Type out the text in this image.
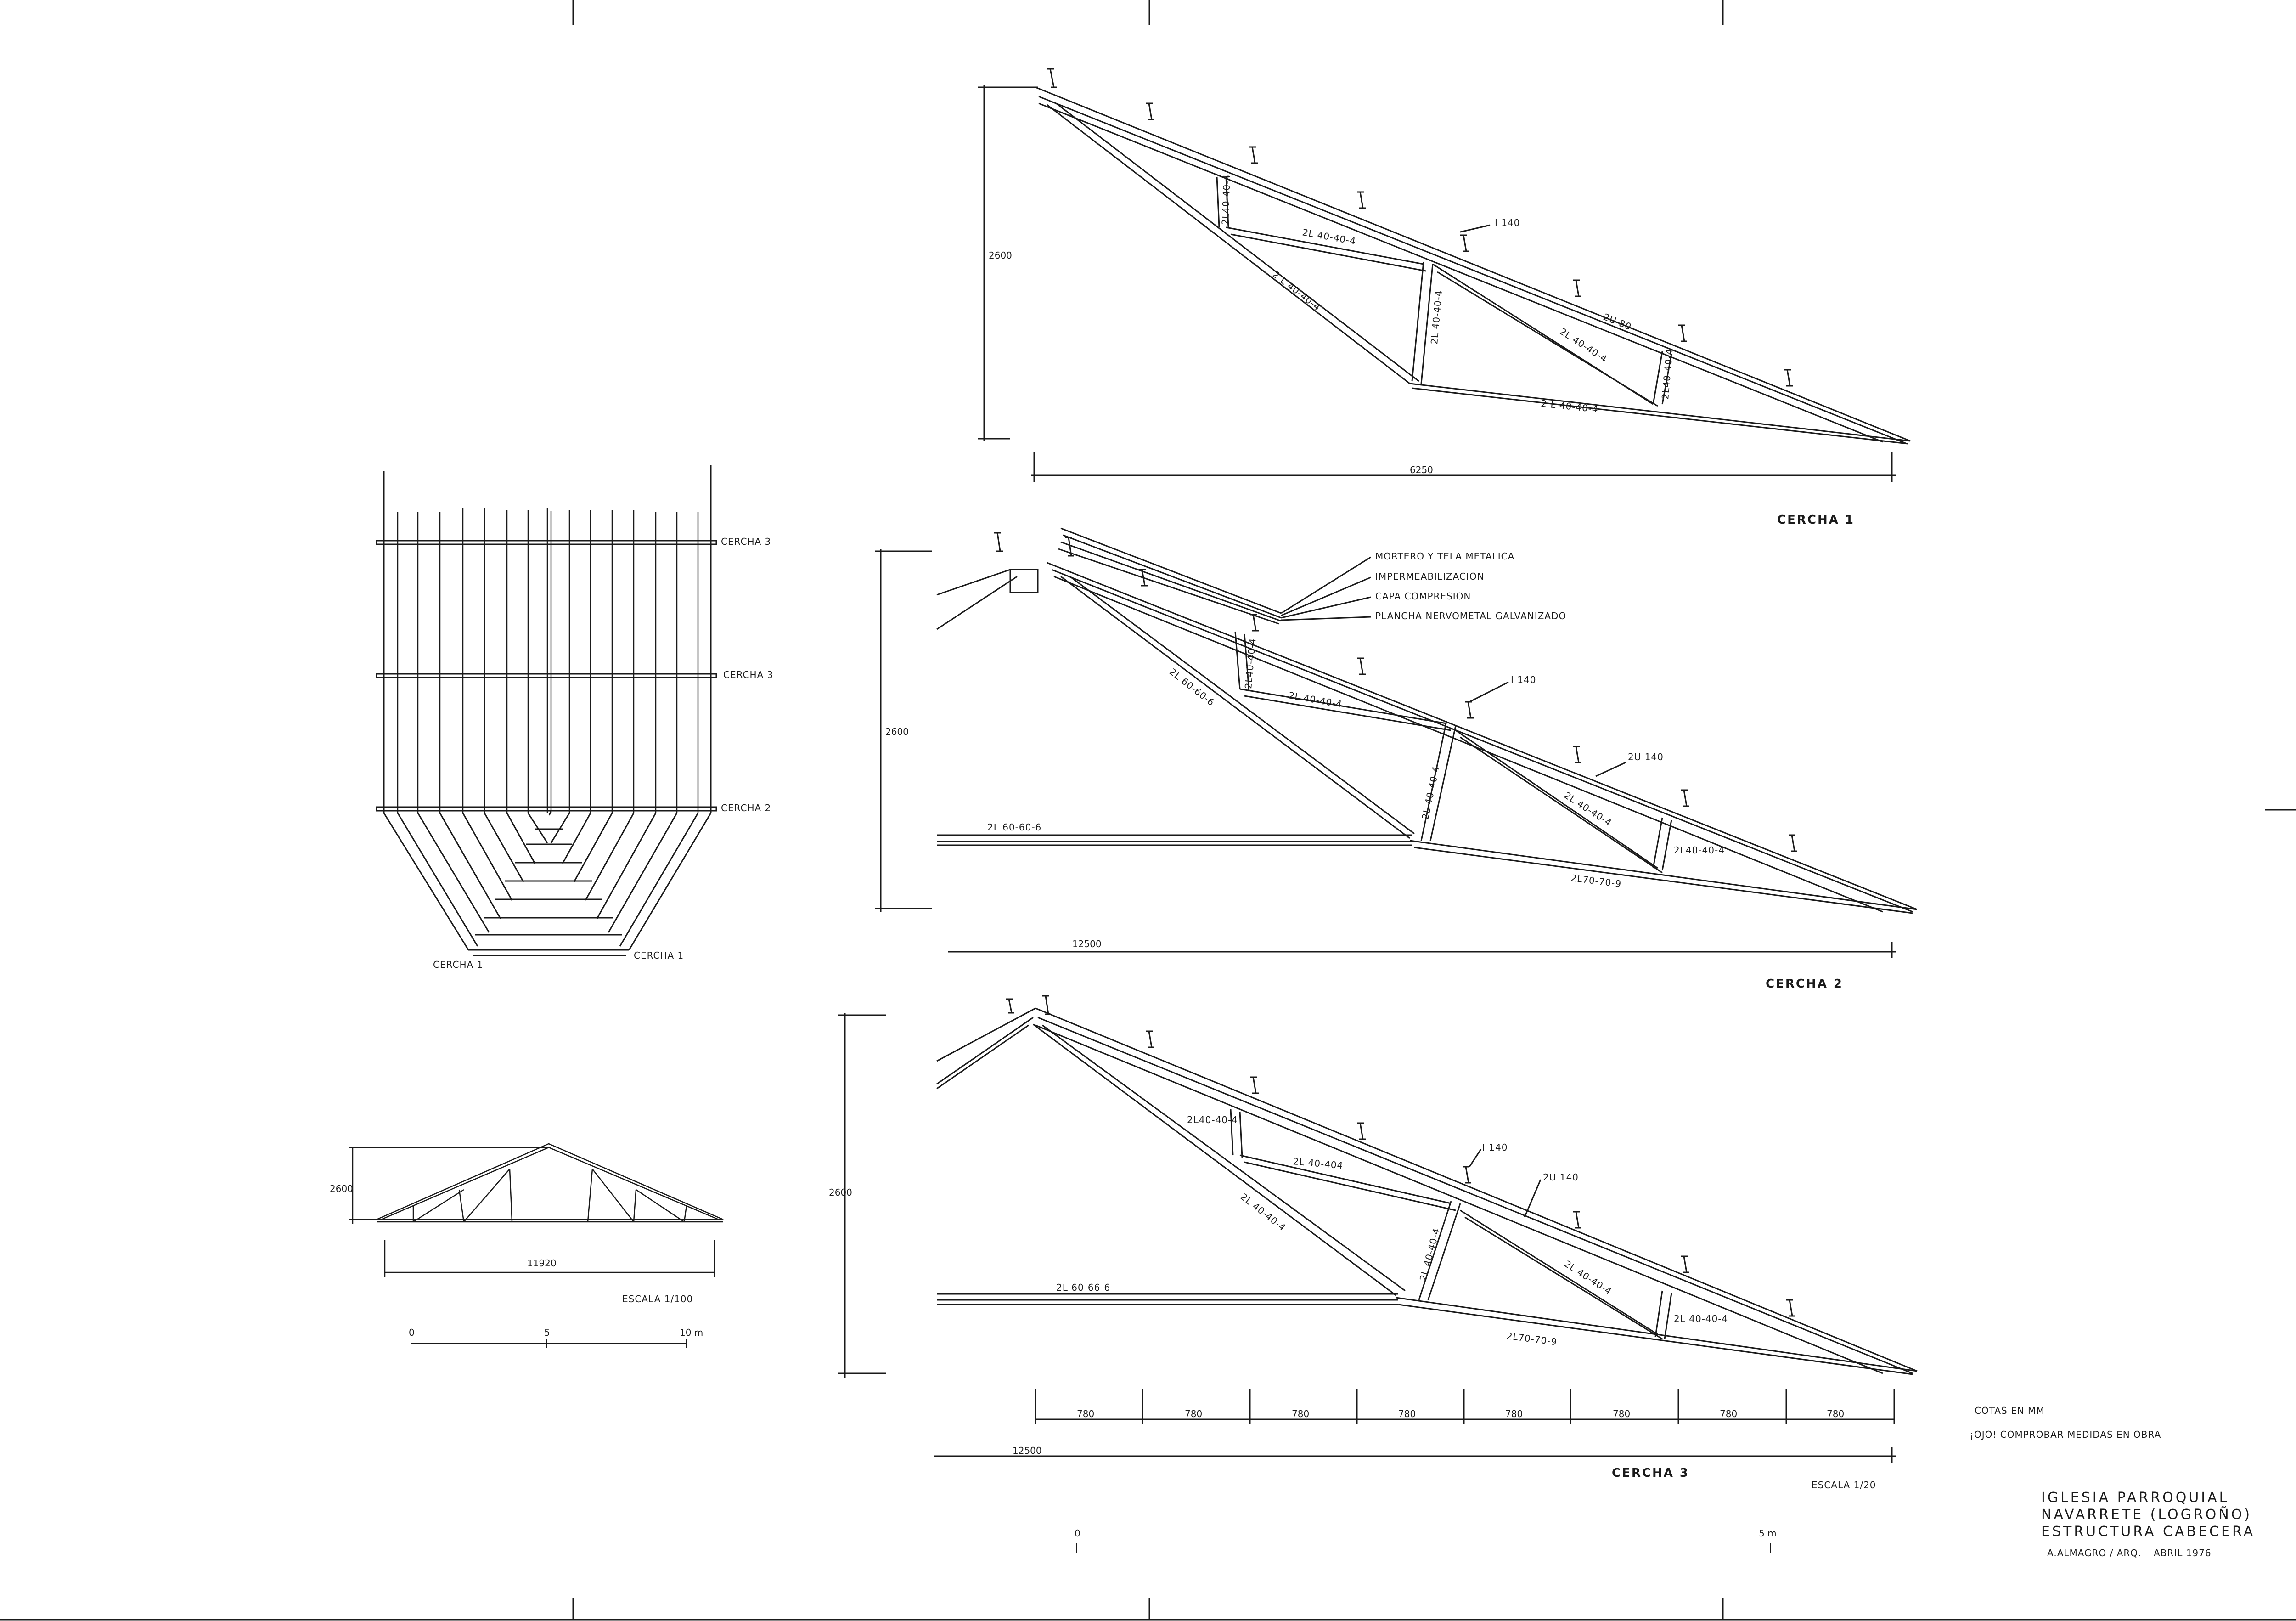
CERCHA 3
CERCHA 3
CERCHA 2
CERCHA 1
CERCHA 1
2600
11920
ESCALA 1/100
0	5	10 m
2600
6250
CERCHA 1
I 140
2U 80
2L40-40-4
2L 40-40-4
2 L 40-40-4	2L 40-40-4
2L 40-40-4
2L40-40-4
2 L 40-40-4
MORTERO Y TELA METALICA
IMPERMEABILIZACION
CAPA COMPRESION
PLANCHA NERVOMETAL GALVANIZADO
2600
12500
CERCHA 2
I 140
2U 140
2L40-40-4
2L 40-40-4
2L 60-60-6
2L 40-40-4	2L 40-40-4
2L40-40-4
2L 60-60-6
2L70-70-9
2600
CERCHA 3
I 140
2U 140
2L40-40-4
2L 40-404
2L 40-40-4
2L 40-40-4	2L 40-40-4
2L 40-40-4
2L 60-66-6
2L70-70-9
12500
780	780	780	780	780	780	780	780	COTAS EN MM
¡OJO! COMPROBAR MEDIDAS EN OBRA
ESCALA 1/20
0	5 m
IGLESIA PARROQUIAL
NAVARRETE (LOGROÑO)
ESTRUCTURA CABECERA
A.ALMAGRO / ARQ. ABRIL 1976
